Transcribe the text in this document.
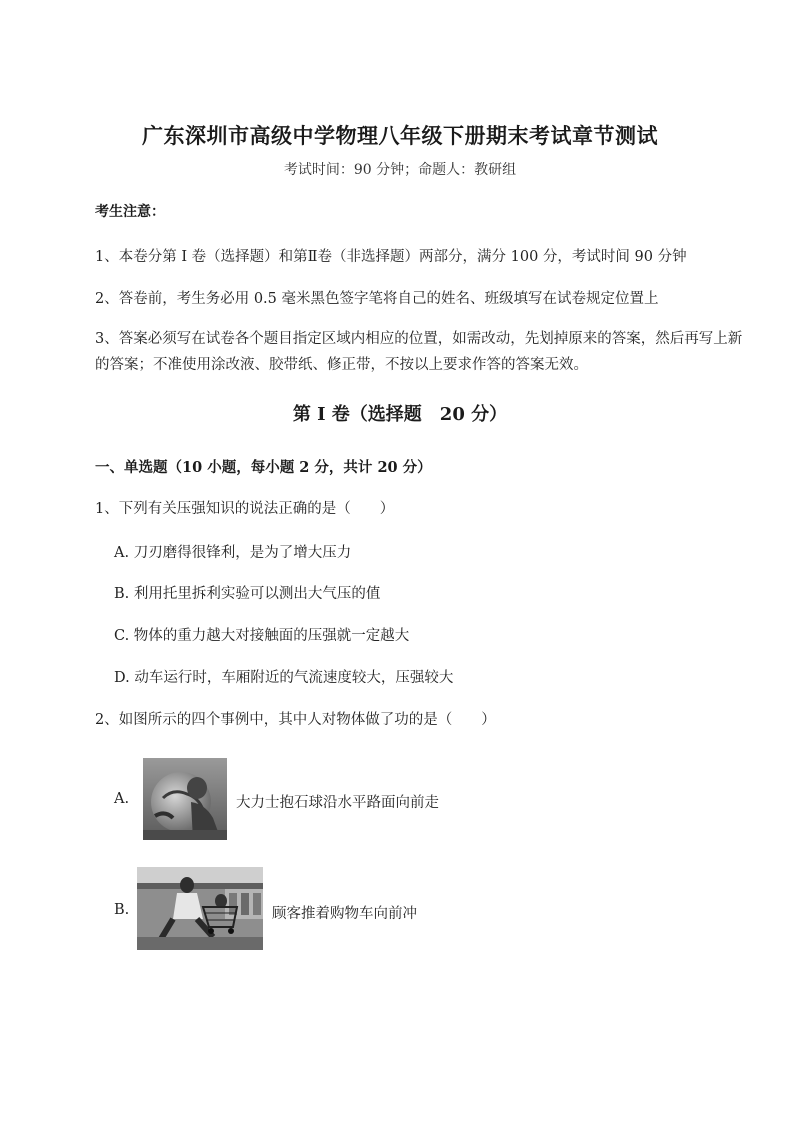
广东深圳市高级中学物理八年级下册期末考试章节测试
考试时间：90 分钟；命题人：教研组
考生注意：
1、本卷分第 I 卷（选择题）和第Ⅱ卷（非选择题）两部分，满分 100 分，考试时间 90 分钟
2、答卷前，考生务必用 0.5 毫米黑色签字笔将自己的姓名、班级填写在试卷规定位置上
3、答案必须写在试卷各个题目指定区域内相应的位置，如需改动，先划掉原来的答案，然后再写上新的答案；不准使用涂改液、胶带纸、修正带，不按以上要求作答的答案无效。
第 I 卷（选择题　20 分）
一、单选题（10 小题，每小题 2 分，共计 20 分）
1、下列有关压强知识的说法正确的是（　　）
A. 刀刃磨得很锋利，是为了增大压力
B. 利用托里拆利实验可以测出大气压的值
C. 物体的重力越大对接触面的压强就一定越大
D. 动车运行时，车厢附近的气流速度较大，压强较大
2、如图所示的四个事例中，其中人对物体做了功的是（　　）
A.	大力士抱石球沿水平路面向前走
B.	顾客推着购物车向前冲
